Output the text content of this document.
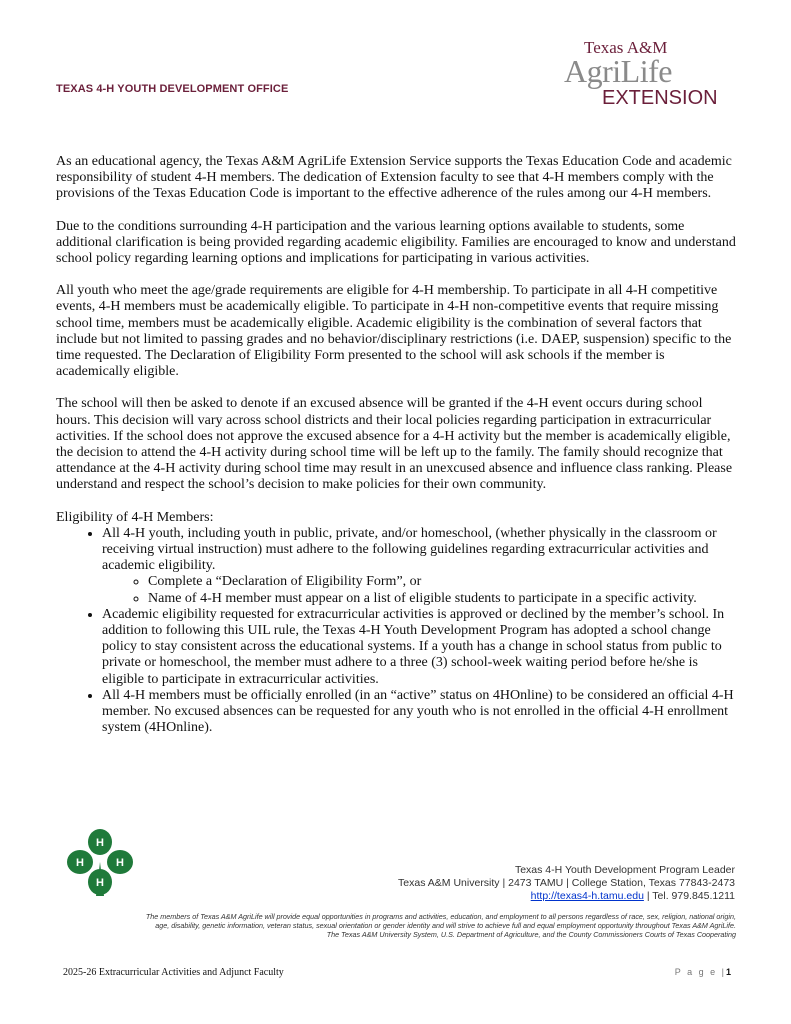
TEXAS 4-H YOUTH DEVELOPMENT OFFICE
Texas A&M
AgriLife
EXTENSION

As an educational agency, the Texas A&M AgriLife Extension Service supports the Texas Education Code and academic responsibility of student 4-H members. The dedication of Extension faculty to see that 4-H members comply with the provisions of the Texas Education Code is important to the effective adherence of the rules among our 4-H members.

Due to the conditions surrounding 4-H participation and the various learning options available to students, some additional clarification is being provided regarding academic eligibility. Families are encouraged to know and understand school policy regarding learning options and implications for participating in various activities.

All youth who meet the age/grade requirements are eligible for 4-H membership. To participate in all 4-H competitive events, 4-H members must be academically eligible. To participate in 4-H non-competitive events that require missing school time, members must be academically eligible. Academic eligibility is the combination of several factors that include but not limited to passing grades and no behavior/disciplinary restrictions (i.e. DAEP, suspension) specific to the time requested. The Declaration of Eligibility Form presented to the school will ask schools if the member is academically eligible.

The school will then be asked to denote if an excused absence will be granted if the 4-H event occurs during school hours. This decision will vary across school districts and their local policies regarding participation in extracurricular activities. If the school does not approve the excused absence for a 4-H activity but the member is academically eligible, the decision to attend the 4-H activity during school time will be left up to the family. The family should recognize that attendance at the 4-H activity during school time may result in an unexcused absence and influence class ranking. Please understand and respect the school’s decision to make policies for their own community.

Eligibility of 4-H Members:
• All 4-H youth, including youth in public, private, and/or homeschool, (whether physically in the classroom or receiving virtual instruction) must adhere to the following guidelines regarding extracurricular activities and academic eligibility.
◦ Complete a “Declaration of Eligibility Form”, or
◦ Name of 4-H member must appear on a list of eligible students to participate in a specific activity.
• Academic eligibility requested for extracurricular activities is approved or declined by the member’s school. In addition to following this UIL rule, the Texas 4-H Youth Development Program has adopted a school change policy to stay consistent across the educational systems. If a youth has a change in school status from public to private or homeschool, the member must adhere to a three (3) school-week waiting period before he/she is eligible to participate in extracurricular activities.
• All 4-H members must be officially enrolled (in an “active” status on 4HOnline) to be considered an official 4-H member. No excused absences can be requested for any youth who is not enrolled in the official 4-H enrollment system (4HOnline).
H
H
H	H
Texas 4-H Youth Development Program Leader
Texas A&M University | 2473 TAMU | College Station, Texas 77843-2473
http://texas4-h.tamu.edu | Tel. 979.845.1211
The members of Texas A&M AgriLife will provide equal opportunities in programs and activities, education, and employment to all persons regardless of race, sex, religion, national origin,
age, disability, genetic information, veteran status, sexual orientation or gender identity and will strive to achieve full and equal employment opportunity throughout Texas A&M AgriLife.
The Texas A&M University System, U.S. Department of Agriculture, and the County Commissioners Courts of Texas Cooperating
2025-26 Extracurricular Activities and Adjunct Faculty	P a g e |1
